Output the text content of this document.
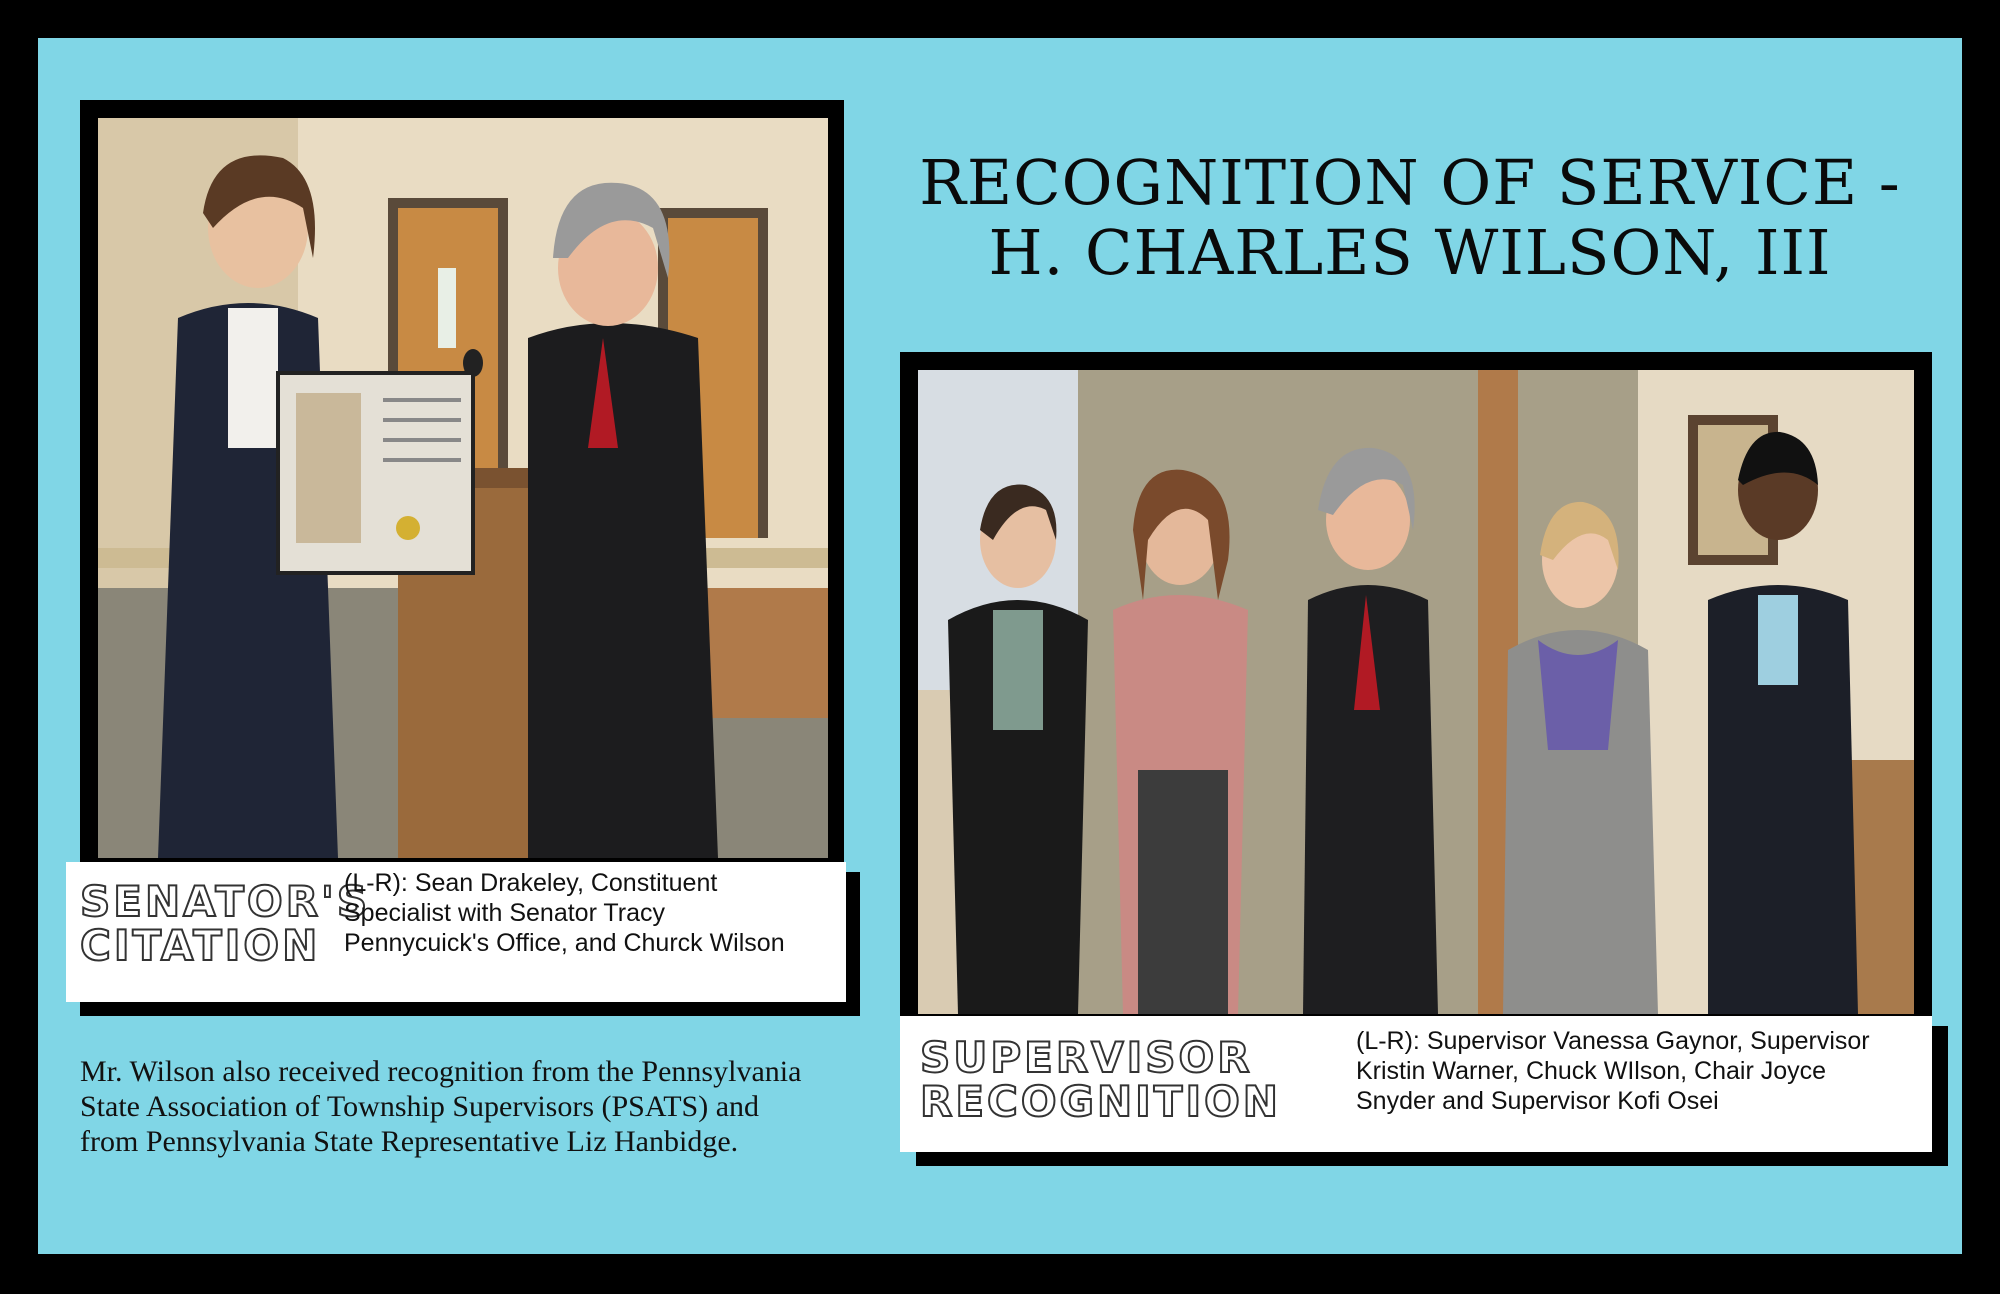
RECOGNITION OF SERVICE -
H. CHARLES WILSON, III
SENATOR'S
CITATION
(L-R): Sean Drakeley, Constituent Specialist with Senator Tracy Pennycuick's Office, and Churck Wilson
SUPERVISOR
RECOGNITION
(L-R): Supervisor Vanessa Gaynor, Supervisor Kristin Warner, Chuck WIlson, Chair Joyce Snyder and Supervisor Kofi Osei
Mr. Wilson also received recognition from the Pennsylvania State Association of Township Supervisors (PSATS) and from Pennsylvania State Representative Liz Hanbidge.
